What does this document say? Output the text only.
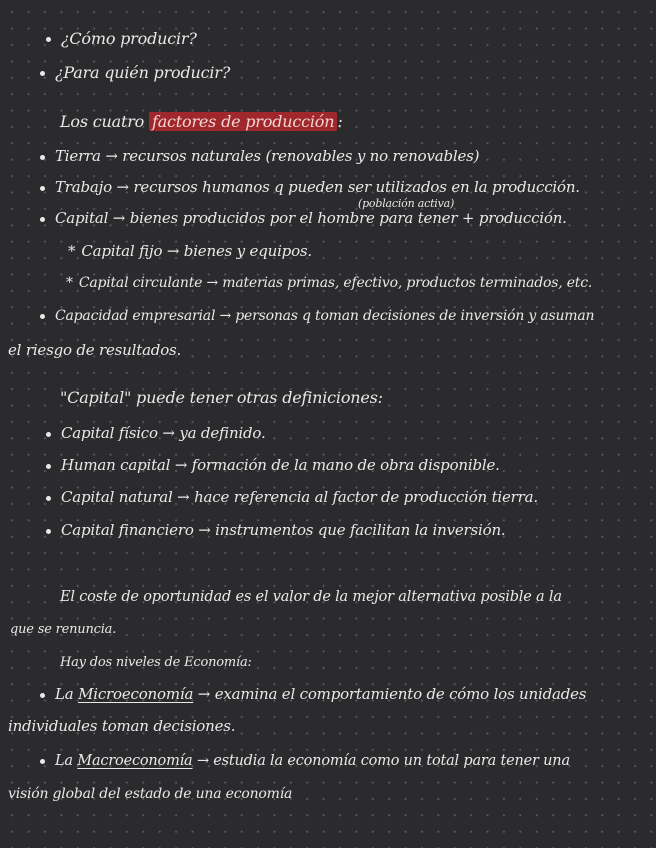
¿Cómo producir?
¿Para quién producir?
Los cuatro factores de producción :
Tierra → recursos naturales (renovables y no renovables)
(población activa)
Trabajo → recursos humanos q pueden ser utilizados en la producción.
Capital → bienes producidos por el hombre para tener + producción.
* Capital fijo → bienes y equipos.
* Capital circulante → materias primas, efectivo, productos terminados, etc.
Capacidad empresarial → personas q toman decisiones de inversión y asuman
el riesgo de resultados.
"Capital" puede tener otras definiciones:
Capital físico → ya definido.
Human capital → formación de la mano de obra disponible.
Capital natural → hace referencia al factor de producción tierra.
Capital financiero → instrumentos que facilitan la inversión.
El coste de oportunidad es el valor de la mejor alternativa posible a la
que se renuncia.
Hay dos niveles de Economía:
La Microeconomía → examina el comportamiento de cómo los unidades
individuales toman decisiones.
La Macroeconomía → estudia la economía como un total para tener una
visión global del estado de una economía
